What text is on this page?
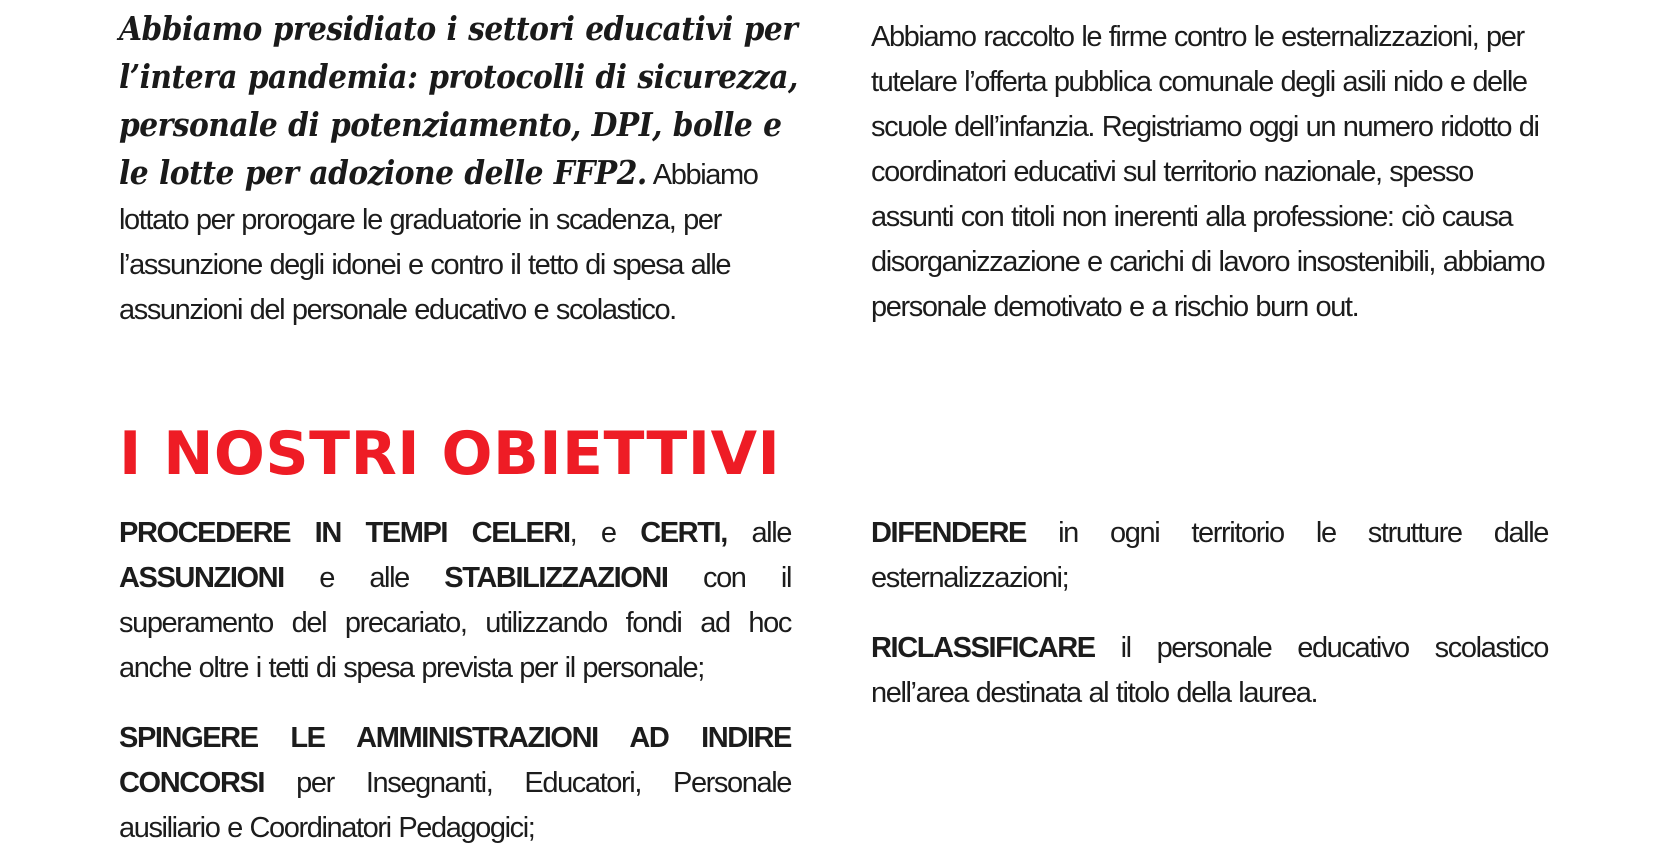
Abbiamo presidiato i settori educativi per l’intera pandemia: protocolli di sicurezza, personale di potenziamento, DPI, bolle e le lotte per adozione delle FFP2. Abbiamo lottato per prorogare le graduatorie in scadenza, per l’assunzione degli idonei e contro il tetto di spesa alle assunzioni del personale educativo e scolastico.

Abbiamo raccolto le firme contro le esternalizzazioni, per tutelare l’offerta pubblica comunale degli asili nido e delle scuole dell’infanzia. Registriamo oggi un numero ridotto di coordinatori educativi sul territorio nazionale, spesso assunti con titoli non inerenti alla professione: ciò causa disorganizzazione e carichi di lavoro insostenibili, abbiamo personale demotivato e a rischio burn out.

I NOSTRI OBIETTIVI

PROCEDERE IN TEMPI CELERI, e CERTI, alle ASSUNZIONI e alle STABILIZZAZIONI con il superamento del precariato, utilizzando fondi ad hoc anche oltre i tetti di spesa prevista per il personale;

SPINGERE LE AMMINISTRAZIONI AD INDIRE CONCORSI per Insegnanti, Educatori, Personale ausiliario e Coordinatori Pedagogici;

DIFENDERE in ogni territorio le strutture dalle esternalizzazioni;

RICLASSIFICARE il personale educativo scolastico nell’area destinata al titolo della laurea.
